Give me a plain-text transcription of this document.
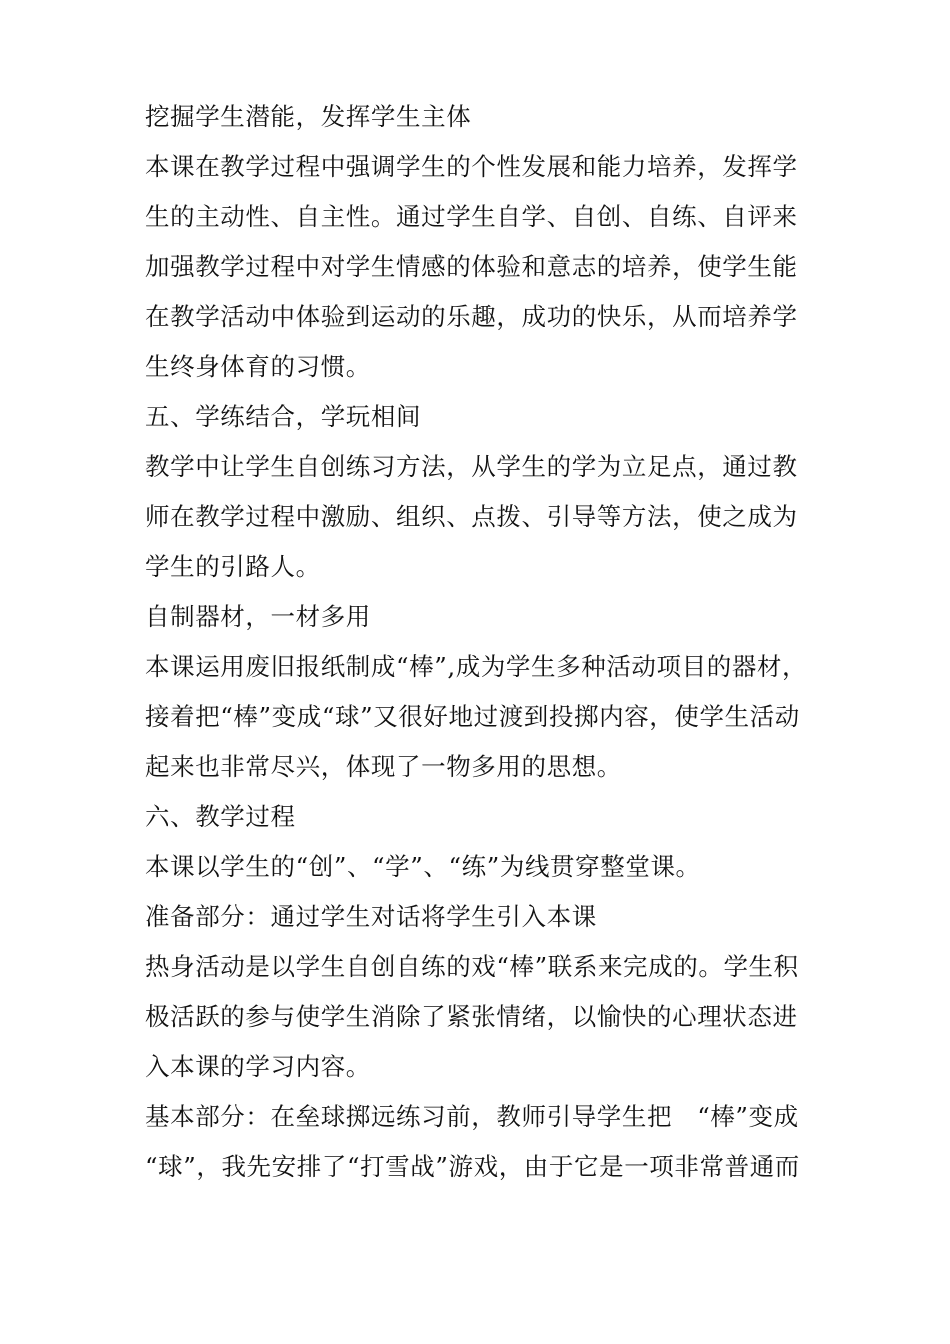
挖掘学生潜能，发挥学生主体
本课在教学过程中强调学生的个性发展和能力培养，发挥学
生的主动性、自主性。通过学生自学、自创、自练、自评来
加强教学过程中对学生情感的体验和意志的培养，使学生能
在教学活动中体验到运动的乐趣，成功的快乐，从而培养学
生终身体育的习惯。
五、学练结合，学玩相间
教学中让学生自创练习方法，从学生的学为立足点，通过教
师在教学过程中激励、组织、点拨、引导等方法，使之成为
学生的引路人。
自制器材，一材多用
本课运用废旧报纸制成“棒”,成为学生多种活动项目的器材，
接着把“棒”变成“球”又很好地过渡到投掷内容，使学生活动
起来也非常尽兴，体现了一物多用的思想。
六、教学过程
本课以学生的“创”、“学”、“练”为线贯穿整堂课。
准备部分：通过学生对话将学生引入本课
热身活动是以学生自创自练的戏“棒”联系来完成的。学生积
极活跃的参与使学生消除了紧张情绪，以愉快的心理状态进
入本课的学习内容。
基本部分：在垒球掷远练习前，教师引导学生把　“棒”变成
“球”，我先安排了“打雪战”游戏，由于它是一项非常普通而
